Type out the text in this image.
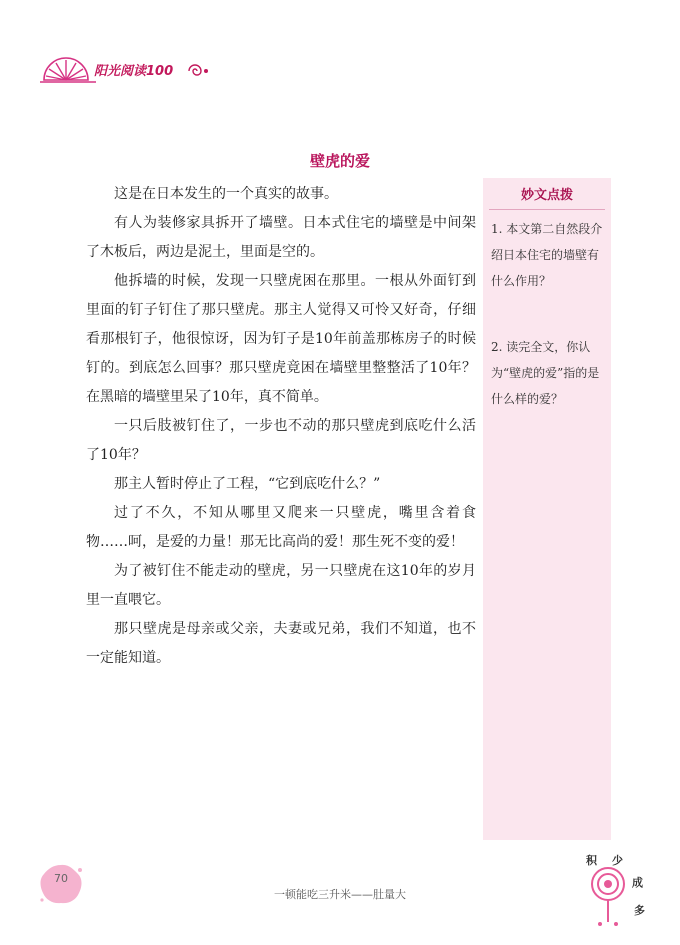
阳光阅读100
壁虎的爱

这是在日本发生的一个真实的故事。

有人为装修家具拆开了墙壁。日本式住宅的墙壁是中间架了木板后，两边是泥土，里面是空的。

他拆墙的时候，发现一只壁虎困在那里。一根从外面钉到里面的钉子钉住了那只壁虎。那主人觉得又可怜又好奇，仔细看那根钉子，他很惊讶，因为钉子是10年前盖那栋房子的时候钉的。到底怎么回事？那只壁虎竟困在墙壁里整整活了10年？在黑暗的墙壁里呆了10年，真不简单。

一只后肢被钉住了，一步也不动的那只壁虎到底吃什么活了10年？

那主人暂时停止了工程，“它到底吃什么？”

过了不久，不知从哪里又爬来一只壁虎，嘴里含着食物……呵，是爱的力量！那无比高尚的爱！那生死不变的爱！

为了被钉住不能走动的壁虎，另一只壁虎在这10年的岁月里一直喂它。

那只壁虎是母亲或父亲，夫妻或兄弟，我们不知道，也不一定能知道。

妙文点拨
1. 本文第二自然段介绍日本住宅的墙壁有什么作用？
2. 读完全文，你认为“壁虎的爱”指的是什么样的爱？
70
一顿能吃三升米——肚量大
积 少
成
多
